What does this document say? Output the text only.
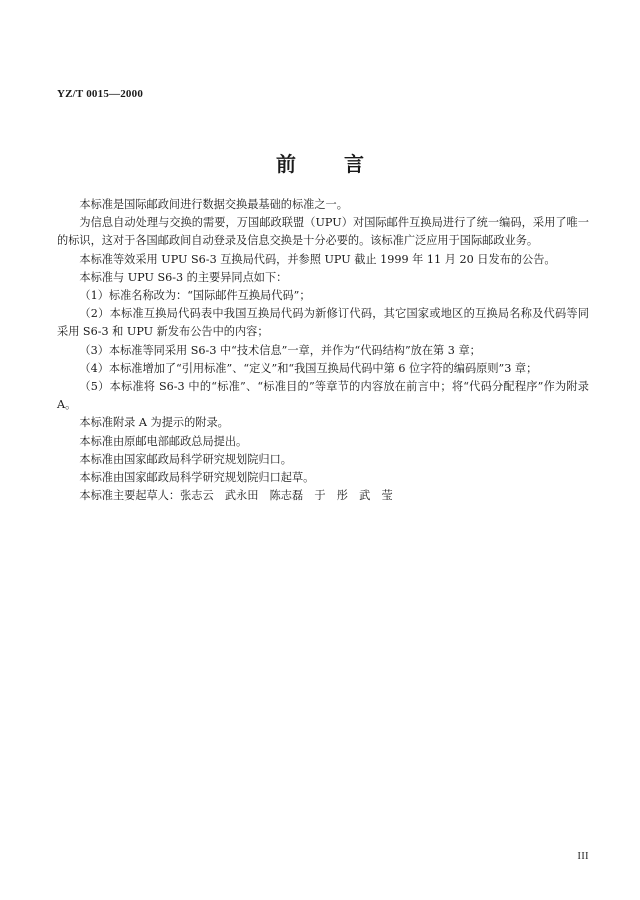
YZ/T 0015—2000
前言

本标准是国际邮政间进行数据交换最基础的标准之一。

为信息自动处理与交换的需要，万国邮政联盟（UPU）对国际邮件互换局进行了统一编码，采用了唯一的标识，这对于各国邮政间自动登录及信息交换是十分必要的。该标准广泛应用于国际邮政业务。

本标准等效采用 UPU S6-3 互换局代码，并参照 UPU 截止 1999 年 11 月 20 日发布的公告。

本标准与 UPU S6-3 的主要异同点如下：

（1）标准名称改为：“国际邮件互换局代码”；

（2）本标准互换局代码表中我国互换局代码为新修订代码，其它国家或地区的互换局名称及代码等同采用 S6-3 和 UPU 新发布公告中的内容；

（3）本标准等同采用 S6-3 中“技术信息”一章，并作为“代码结构”放在第 3 章；

（4）本标准增加了“引用标准”、“定义”和“我国互换局代码中第 6 位字符的编码原则”3 章；

（5）本标准将 S6-3 中的“标准”、“标准目的”等章节的内容放在前言中；将“代码分配程序”作为附录 A。

本标准附录 A 为提示的附录。

本标准由原邮电部邮政总局提出。

本标准由国家邮政局科学研究规划院归口。

本标准由国家邮政局科学研究规划院归口起草。

本标准主要起草人：张志云　武永田　陈志磊　于　彤　武　莹

III
